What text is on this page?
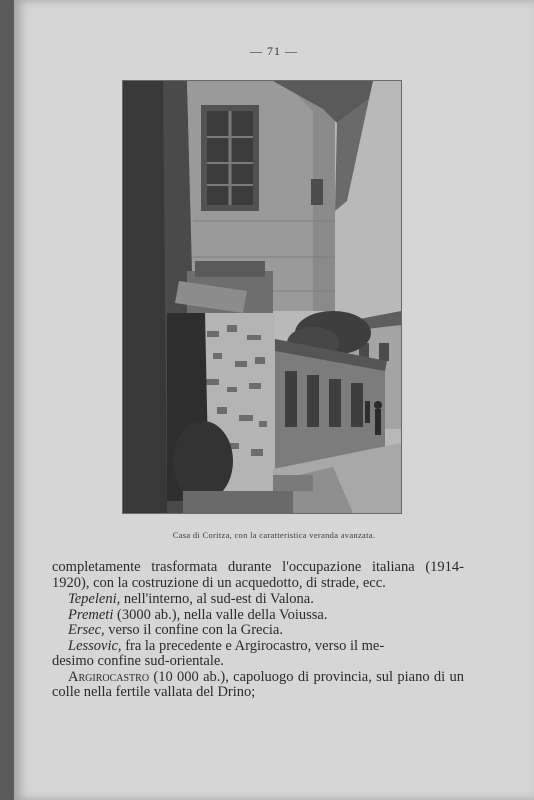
— 71 —
Casa di Coritza, con la caratteristica veranda avanzata.

completamente trasformata durante l'occupazione italiana (1914-1920), con la costruzione di un acquedotto, di strade, ecc.

Tepeleni, nell'interno, al sud-est di Valona.

Premeti (3000 ab.), nella valle della Voiussa.

Ersec, verso il confine con la Grecia.

Lessovic, fra la precedente e Argirocastro, verso il me-

desimo confine sud-orientale.

Argirocastro (10 000 ab.), capoluogo di provincia, sul piano di un colle nella fertile vallata del Drino;
